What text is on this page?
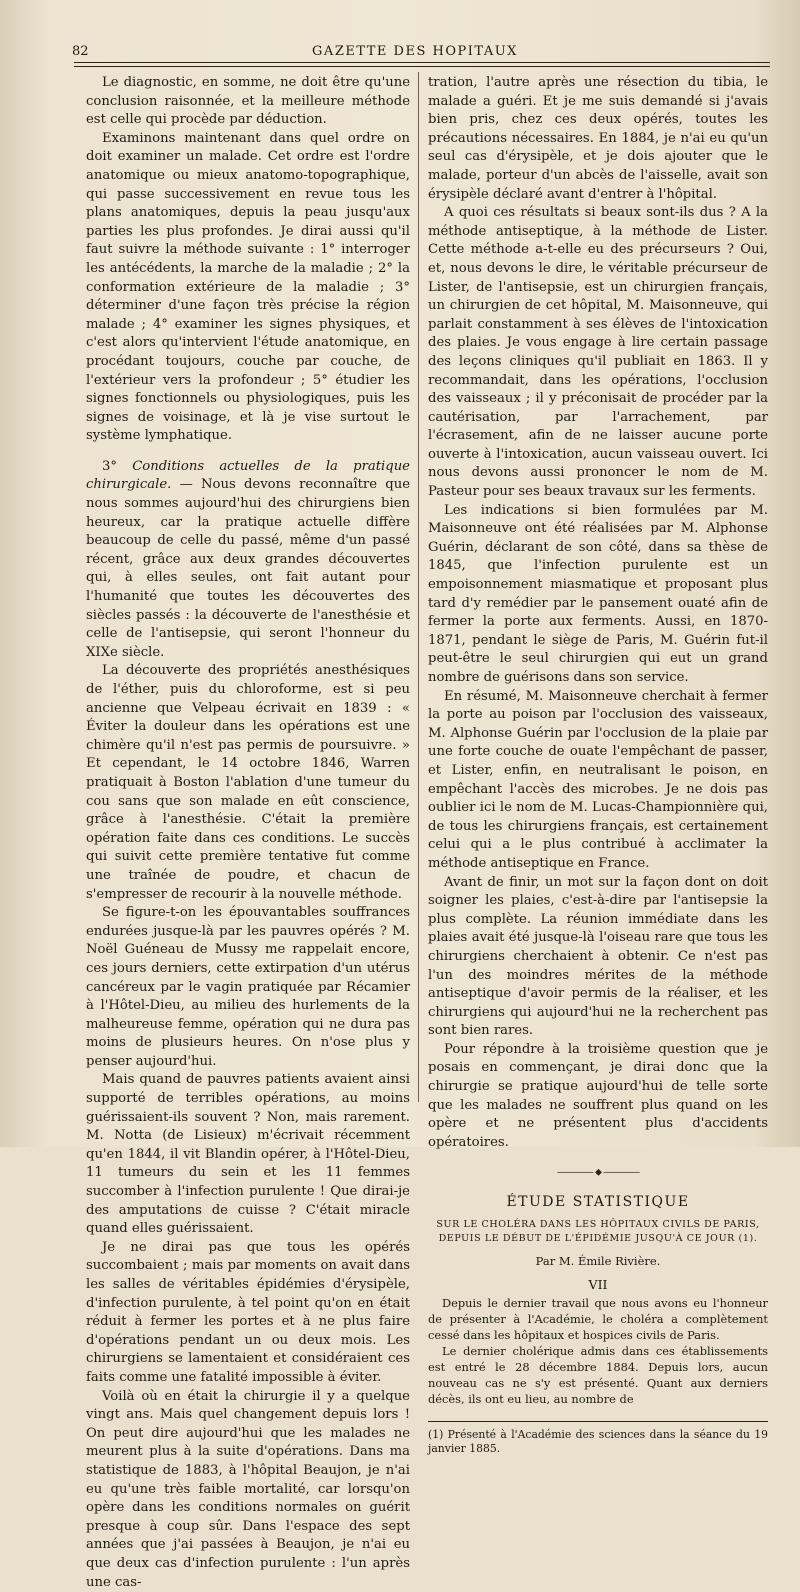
82	GAZETTE DES HOPITAUX

Le diagnostic, en somme, ne doit être qu'une conclusion raisonnée, et la meilleure méthode est celle qui procède par déduction.

Examinons maintenant dans quel ordre on doit examiner un malade. Cet ordre est l'ordre anatomique ou mieux anatomo-topographique, qui passe successivement en revue tous les plans anatomiques, depuis la peau jusqu'aux parties les plus profondes. Je dirai aussi qu'il faut suivre la méthode suivante : 1° interroger les antécédents, la marche de la maladie ; 2° la conformation extérieure de la maladie ; 3° déterminer d'une façon très précise la région malade ; 4° examiner les signes physiques, et c'est alors qu'intervient l'étude anatomique, en procédant toujours, couche par couche, de l'extérieur vers la profondeur ; 5° étudier les signes fonctionnels ou physiologiques, puis les signes de voisinage, et là je vise surtout le système lymphatique.

3° Conditions actuelles de la pratique chirurgicale. — Nous devons reconnaître que nous sommes aujourd'hui des chirurgiens bien heureux, car la pratique actuelle diffère beaucoup de celle du passé, même d'un passé récent, grâce aux deux grandes découvertes qui, à elles seules, ont fait autant pour l'humanité que toutes les découvertes des siècles passés : la découverte de l'anesthésie et celle de l'antisepsie, qui seront l'honneur du XIXe siècle.

La découverte des propriétés anesthésiques de l'éther, puis du chloroforme, est si peu ancienne que Velpeau écrivait en 1839 : « Éviter la douleur dans les opérations est une chimère qu'il n'est pas permis de poursuivre. » Et cependant, le 14 octobre 1846, Warren pratiquait à Boston l'ablation d'une tumeur du cou sans que son malade en eût conscience, grâce à l'anesthésie. C'était la première opération faite dans ces conditions. Le succès qui suivit cette première tentative fut comme une traînée de poudre, et chacun de s'empresser de recourir à la nouvelle méthode.

Se figure-t-on les épouvantables souffrances endurées jusque-là par les pauvres opérés ? M. Noël Guéneau de Mussy me rappelait encore, ces jours derniers, cette extirpation d'un utérus cancéreux par le vagin pratiquée par Récamier à l'Hôtel-Dieu, au milieu des hurlements de la malheureuse femme, opération qui ne dura pas moins de plusieurs heures. On n'ose plus y penser aujourd'hui.

Mais quand de pauvres patients avaient ainsi supporté de terribles opérations, au moins guérissaient-ils souvent ? Non, mais rarement. M. Notta (de Lisieux) m'écrivait récemment qu'en 1844, il vit Blandin opérer, à l'Hôtel-Dieu, 11 tumeurs du sein et les 11 femmes succomber à l'infection purulente ! Que dirai-je des amputations de cuisse ? C'était miracle quand elles guérissaient.

Je ne dirai pas que tous les opérés succombaient ; mais par moments on avait dans les salles de véritables épidémies d'érysipèle, d'infection purulente, à tel point qu'on en était réduit à fermer les portes et à ne plus faire d'opérations pendant un ou deux mois. Les chirurgiens se lamentaient et considéraient ces faits comme une fatalité impossible à éviter.

Voilà où en était la chirurgie il y a quelque vingt ans. Mais quel changement depuis lors ! On peut dire aujourd'hui que les malades ne meurent plus à la suite d'opérations. Dans ma statistique de 1883, à l'hôpital Beaujon, je n'ai eu qu'une très faible mortalité, car lorsqu'on opère dans les conditions normales on guérit presque à coup sûr. Dans l'espace des sept années que j'ai passées à Beaujon, je n'ai eu que deux cas d'infection purulente : l'un après une cas-

tration, l'autre après une résection du tibia, le malade a guéri. Et je me suis demandé si j'avais bien pris, chez ces deux opérés, toutes les précautions nécessaires. En 1884, je n'ai eu qu'un seul cas d'érysipèle, et je dois ajouter que le malade, porteur d'un abcès de l'aisselle, avait son érysipèle déclaré avant d'entrer à l'hôpital.

A quoi ces résultats si beaux sont-ils dus ? A la méthode antiseptique, à la méthode de Lister. Cette méthode a-t-elle eu des précurseurs ? Oui, et, nous devons le dire, le véritable précurseur de Lister, de l'antisepsie, est un chirurgien français, un chirurgien de cet hôpital, M. Maisonneuve, qui parlait constamment à ses élèves de l'intoxication des plaies. Je vous engage à lire certain passage des leçons cliniques qu'il publiait en 1863. Il y recommandait, dans les opérations, l'occlusion des vaisseaux ; il y préconisait de procéder par la cautérisation, par l'arrachement, par l'écrasement, afin de ne laisser aucune porte ouverte à l'intoxication, aucun vaisseau ouvert. Ici nous devons aussi prononcer le nom de M. Pasteur pour ses beaux travaux sur les ferments.

Les indications si bien formulées par M. Maisonneuve ont été réalisées par M. Alphonse Guérin, déclarant de son côté, dans sa thèse de 1845, que l'infection purulente est un empoisonnement miasmatique et proposant plus tard d'y remédier par le pansement ouaté afin de fermer la porte aux ferments. Aussi, en 1870-1871, pendant le siège de Paris, M. Guérin fut-il peut-être le seul chirurgien qui eut un grand nombre de guérisons dans son service.

En résumé, M. Maisonneuve cherchait à fermer la porte au poison par l'occlusion des vaisseaux, M. Alphonse Guérin par l'occlusion de la plaie par une forte couche de ouate l'empêchant de passer, et Lister, enfin, en neutralisant le poison, en empêchant l'accès des microbes. Je ne dois pas oublier ici le nom de M. Lucas-Championnière qui, de tous les chirurgiens français, est certainement celui qui a le plus contribué à acclimater la méthode antiseptique en France.

Avant de finir, un mot sur la façon dont on doit soigner les plaies, c'est-à-dire par l'antisepsie la plus complète. La réunion immédiate dans les plaies avait été jusque-là l'oiseau rare que tous les chirurgiens cherchaient à obtenir. Ce n'est pas l'un des moindres mérites de la méthode antiseptique d'avoir permis de la réaliser, et les chirurgiens qui aujourd'hui ne la recherchent pas sont bien rares.

Pour répondre à la troisième question que je posais en commençant, je dirai donc que la chirurgie se pratique aujourd'hui de telle sorte que les malades ne souffrent plus quand on les opère et ne présentent plus d'accidents opératoires.

———— ⬥ ————
ÉTUDE STATISTIQUE
SUR LE CHOLÉRA DANS LES HÔPITAUX CIVILS DE PARIS, DEPUIS LE DÉBUT DE L'ÉPIDÉMIE JUSQU'À CE JOUR (1).
Par M. Émile Rivière.
VII

Depuis le dernier travail que nous avons eu l'honneur de présenter à l'Académie, le choléra a complètement cessé dans les hôpitaux et hospices civils de Paris.

Le dernier cholérique admis dans ces établissements est entré le 28 décembre 1884. Depuis lors, aucun nouveau cas ne s'y est présenté. Quant aux derniers décès, ils ont eu lieu, au nombre de

(1) Présenté à l'Académie des sciences dans la séance du 19 janvier 1885.
